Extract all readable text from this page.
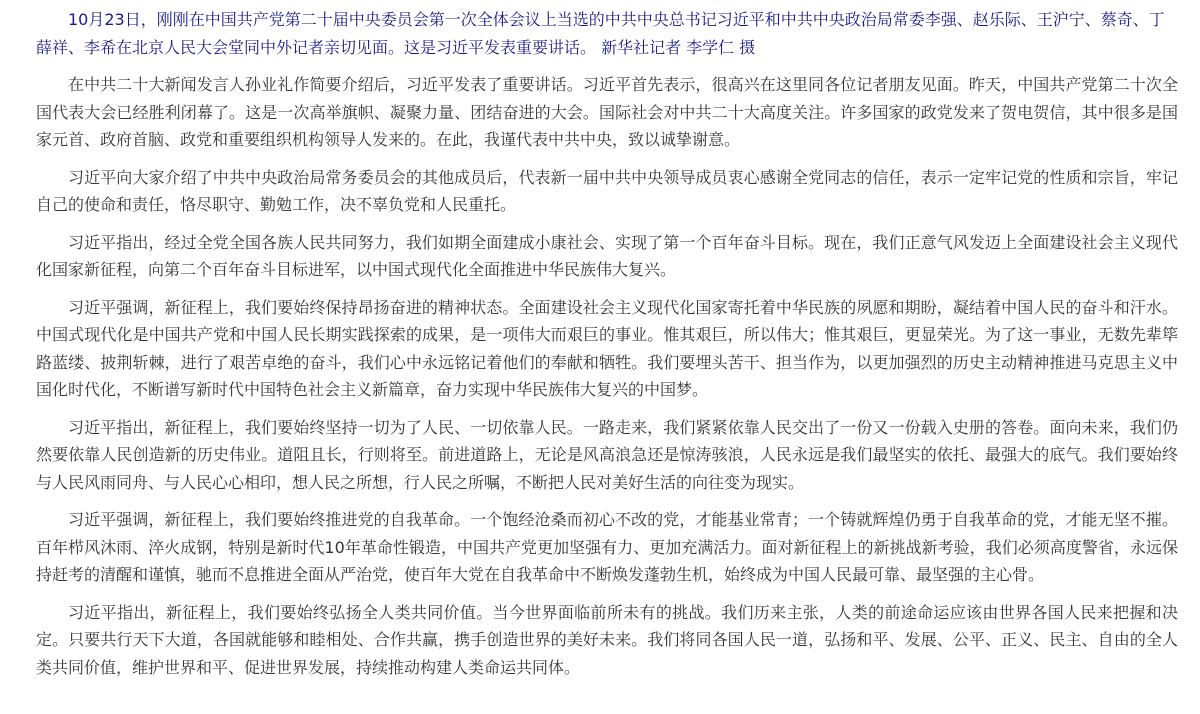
10月23日，刚刚在中国共产党第二十届中央委员会第一次全体会议上当选的中共中央总书记习近平和中共中央政治局常委李强、赵乐际、王沪宁、蔡奇、丁薛祥、李希在北京人民大会堂同中外记者亲切见面。这是习近平发表重要讲话。 新华社记者 李学仁 摄

在中共二十大新闻发言人孙业礼作简要介绍后，习近平发表了重要讲话。习近平首先表示，很高兴在这里同各位记者朋友见面。昨天，中国共产党第二十次全国代表大会已经胜利闭幕了。这是一次高举旗帜、凝聚力量、团结奋进的大会。国际社会对中共二十大高度关注。许多国家的政党发来了贺电贺信，其中很多是国家元首、政府首脑、政党和重要组织机构领导人发来的。在此，我谨代表中共中央，致以诚挚谢意。

习近平向大家介绍了中共中央政治局常务委员会的其他成员后，代表新一届中共中央领导成员衷心感谢全党同志的信任，表示一定牢记党的性质和宗旨，牢记自己的使命和责任，恪尽职守、勤勉工作，决不辜负党和人民重托。

习近平指出，经过全党全国各族人民共同努力，我们如期全面建成小康社会、实现了第一个百年奋斗目标。现在，我们正意气风发迈上全面建设社会主义现代化国家新征程，向第二个百年奋斗目标进军，以中国式现代化全面推进中华民族伟大复兴。

习近平强调，新征程上，我们要始终保持昂扬奋进的精神状态。全面建设社会主义现代化国家寄托着中华民族的夙愿和期盼，凝结着中国人民的奋斗和汗水。中国式现代化是中国共产党和中国人民长期实践探索的成果，是一项伟大而艰巨的事业。惟其艰巨，所以伟大；惟其艰巨，更显荣光。为了这一事业，无数先辈筚路蓝缕、披荆斩棘，进行了艰苦卓绝的奋斗，我们心中永远铭记着他们的奉献和牺牲。我们要埋头苦干、担当作为，以更加强烈的历史主动精神推进马克思主义中国化时代化，不断谱写新时代中国特色社会主义新篇章，奋力实现中华民族伟大复兴的中国梦。

习近平指出，新征程上，我们要始终坚持一切为了人民、一切依靠人民。一路走来，我们紧紧依靠人民交出了一份又一份载入史册的答卷。面向未来，我们仍然要依靠人民创造新的历史伟业。道阻且长，行则将至。前进道路上，无论是风高浪急还是惊涛骇浪，人民永远是我们最坚实的依托、最强大的底气。我们要始终与人民风雨同舟、与人民心心相印，想人民之所想，行人民之所嘱，不断把人民对美好生活的向往变为现实。

习近平强调，新征程上，我们要始终推进党的自我革命。一个饱经沧桑而初心不改的党，才能基业常青；一个铸就辉煌仍勇于自我革命的党，才能无坚不摧。百年栉风沐雨、淬火成钢，特别是新时代10年革命性锻造，中国共产党更加坚强有力、更加充满活力。面对新征程上的新挑战新考验，我们必须高度警省，永远保持赶考的清醒和谨慎，驰而不息推进全面从严治党，使百年大党在自我革命中不断焕发蓬勃生机，始终成为中国人民最可靠、最坚强的主心骨。

习近平指出，新征程上，我们要始终弘扬全人类共同价值。当今世界面临前所未有的挑战。我们历来主张，人类的前途命运应该由世界各国人民来把握和决定。只要共行天下大道，各国就能够和睦相处、合作共赢，携手创造世界的美好未来。我们将同各国人民一道，弘扬和平、发展、公平、正义、民主、自由的全人类共同价值，维护世界和平、促进世界发展，持续推动构建人类命运共同体。
